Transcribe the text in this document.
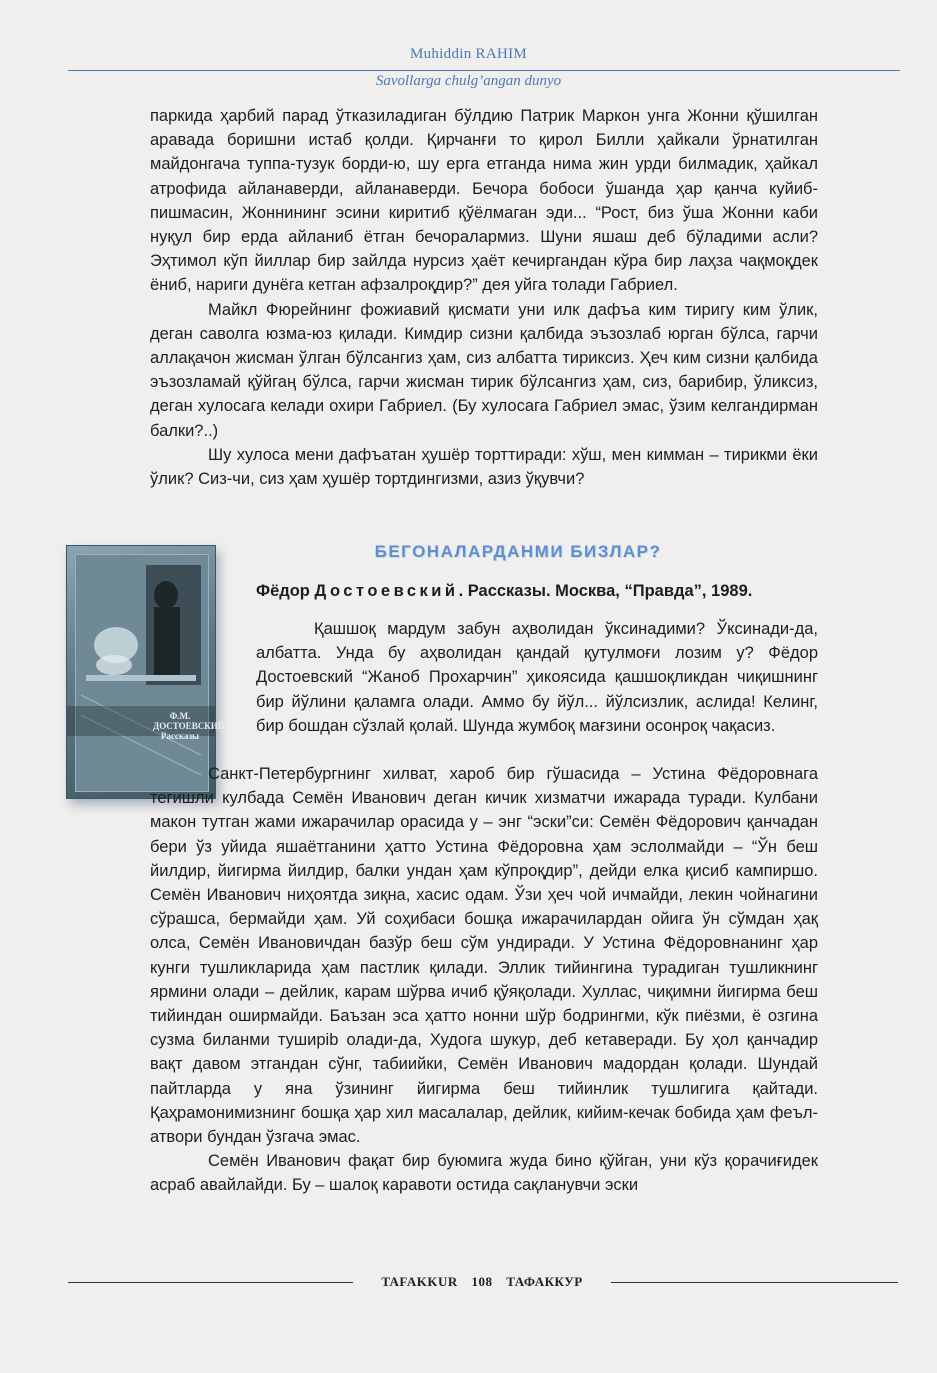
Muhiddin RAHIM
Savollarga chulg’angan dunyo

паркида ҳарбий парад ўтказиладиган бўлдию Патрик Маркон унга Жонни қўшилган аравада боришни истаб қолди. Қирчанғи то қирол Билли ҳайкали ўрнатилган майдонгача туппа-тузук борди-ю, шу ерга етганда нима жин урди билмадик, ҳайкал атрофида айланаверди, айланаверди. Бечора бобоси ўшанда ҳар қанча куйиб-пишмасин, Жоннининг эсини киритиб қўёлмаган эди... “Рост, биз ўша Жонни каби нуқул бир ерда айланиб ётган бечоралармиз. Шуни яшаш деб бўладими асли? Эҳтимол кўп йиллар бир зайлда нурсиз ҳаёт кечиргандан кўра бир лаҳза чақмоқдек ёниб, нариги дунёга кетган афзалроқдир?” дея уйга толади Габриел.

Майкл Фюрейнинг фожиавий қисмати уни илк дафъа ким тиригу ким ўлик, деган саволга юзма-юз қилади. Кимдир сизни қалбида эъзозлаб юрган бўлса, гарчи аллақачон жисман ўлган бўлсангиз ҳам, сиз албатта тириксиз. Ҳеч ким сизни қалбида эъзозламай қўйгаң бўлса, гарчи жисман тирик бўлсангиз ҳам, сиз, барибир, ўликсиз, деган хулосага келади охири Габриел. (Бу хулосага Габриел эмас, ўзим келгандирман балки?..)

Шу хулоса мени дафъатан ҳушёр торттиради: хўш, мен кимман – тирикми ёки ўлик? Сиз-чи, сиз ҳам ҳушёр тортдингизми, азиз ўқувчи?

Ф.М. ДОСТОЕВСКИЙ Рассказы
БЕГОНАЛАРДАНМИ БИЗЛАР?
Фёдор Достоевский. Рассказы. Москва, “Правда”, 1989.

Қашшоқ мардум забун аҳволидан ўксинадими? Ўксинади-да, албатта. Унда бу аҳволидан қандай қутулмоғи лозим у? Фёдор Достоевский “Жаноб Прохарчин” ҳикоясида қашшоқликдан чиқишнинг бир йўлини қаламга олади. Аммо бу йўл... йўлсизлик, аслида! Келинг, бир бошдан сўзлай қолай. Шунда жумбоқ мағзини осонроқ чақасиз.

Санкт-Петербургнинг хилват, хароб бир гўшасида – Устина Фёдоровнага тегишли кулбада Семён Иванович деган кичик хизматчи ижарада туради. Кулбани макон тутган жами ижарачилар орасида у – энг “эски”си: Семён Фёдорович қанчадан бери ўз уйида яшаётганини ҳатто Устина Фёдоровна ҳам эслолмайди – “Ўн беш йилдир, йигирма йилдир, балки ундан ҳам кўпроқдир”, дейди елка қисиб кампиршо. Семён Иванович ниҳоятда зиқна, хасис одам. Ўзи ҳеч чой ичмайди, лекин чойнагини сўрашса, бермайди ҳам. Уй соҳибаси бошқа ижарачилардан ойига ўн сўмдан ҳақ олса, Семён Ивановичдан базўр беш сўм ундиради. У Устина Фёдоровнанинг ҳар кунги тушликларида ҳам пастлик қилади. Эллик тийингина турадиган тушликнинг ярмини олади – дейлик, карам шўрва ичиб қўяқолади. Хуллас, чиқимни йигирма беш тийиндан оширмайди. Баъзан эса ҳатто нонни шўр бодрингми, кўк пиёзми, ё озгина сузма биланми туширib олади-да, Худога шукур, деб кетаверади. Бу ҳол қанчадир вақт давом этгандан сўнг, табиийки, Семён Иванович мадордан қолади. Шундай пайтларда у яна ўзининг йигирма беш тийинлик тушлигига қайтади. Қаҳрамонимизнинг бошқа ҳар хил масалалар, дейлик, кийим-кечак бобида ҳам феъл-атвори бундан ўзгача эмас.

Семён Иванович фақат бир буюмига жуда бино қўйган, уни кўз қорачиғидек асраб авайлайди. Бу – шалоқ каравоти остида сақланувчи эски

TAFAKKUR 108 ТАФАККУР
